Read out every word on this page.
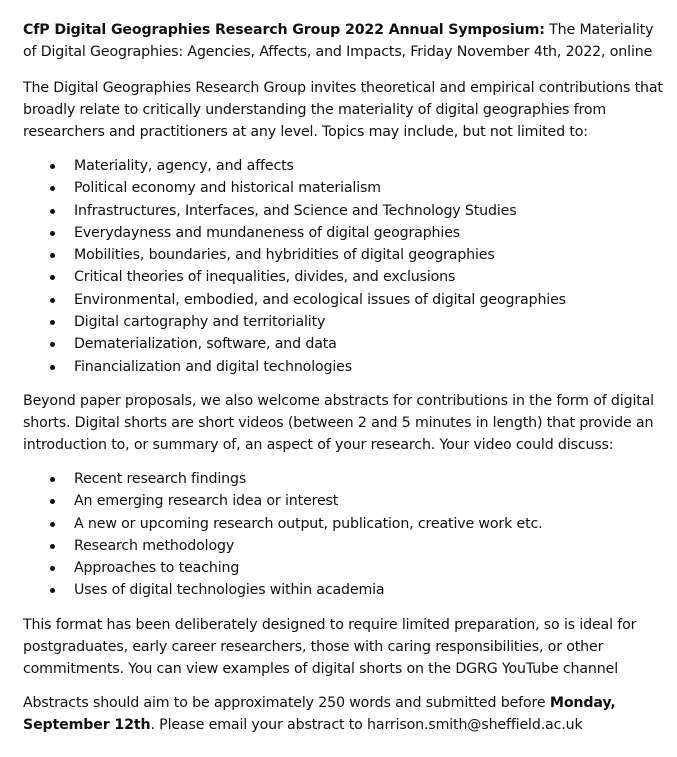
CfP Digital Geographies Research Group 2022 Annual Symposium: The Materiality of Digital Geographies: Agencies, Affects, and Impacts, Friday November 4th, 2022, online

The Digital Geographies Research Group invites theoretical and empirical contributions that broadly relate to critically understanding the materiality of digital geographies from researchers and practitioners at any level. Topics may include, but not limited to:

Materiality, agency, and affects
Political economy and historical materialism
Infrastructures, Interfaces, and Science and Technology Studies
Everydayness and mundaneness of digital geographies
Mobilities, boundaries, and hybridities of digital geographies
Critical theories of inequalities, divides, and exclusions
Environmental, embodied, and ecological issues of digital geographies
Digital cartography and territoriality
Dematerialization, software, and data
Financialization and digital technologies

Beyond paper proposals, we also welcome abstracts for contributions in the form of digital shorts. Digital shorts are short videos (between 2 and 5 minutes in length) that provide an introduction to, or summary of, an aspect of your research. Your video could discuss:

Recent research findings
An emerging research idea or interest
A new or upcoming research output, publication, creative work etc.
Research methodology
Approaches to teaching
Uses of digital technologies within academia

This format has been deliberately designed to require limited preparation, so is ideal for postgraduates, early career researchers, those with caring responsibilities, or other commitments. You can view examples of digital shorts on the DGRG YouTube channel

Abstracts should aim to be approximately 250 words and submitted before Monday, September 12th. Please email your abstract to harrison.smith@sheffield.ac.uk
